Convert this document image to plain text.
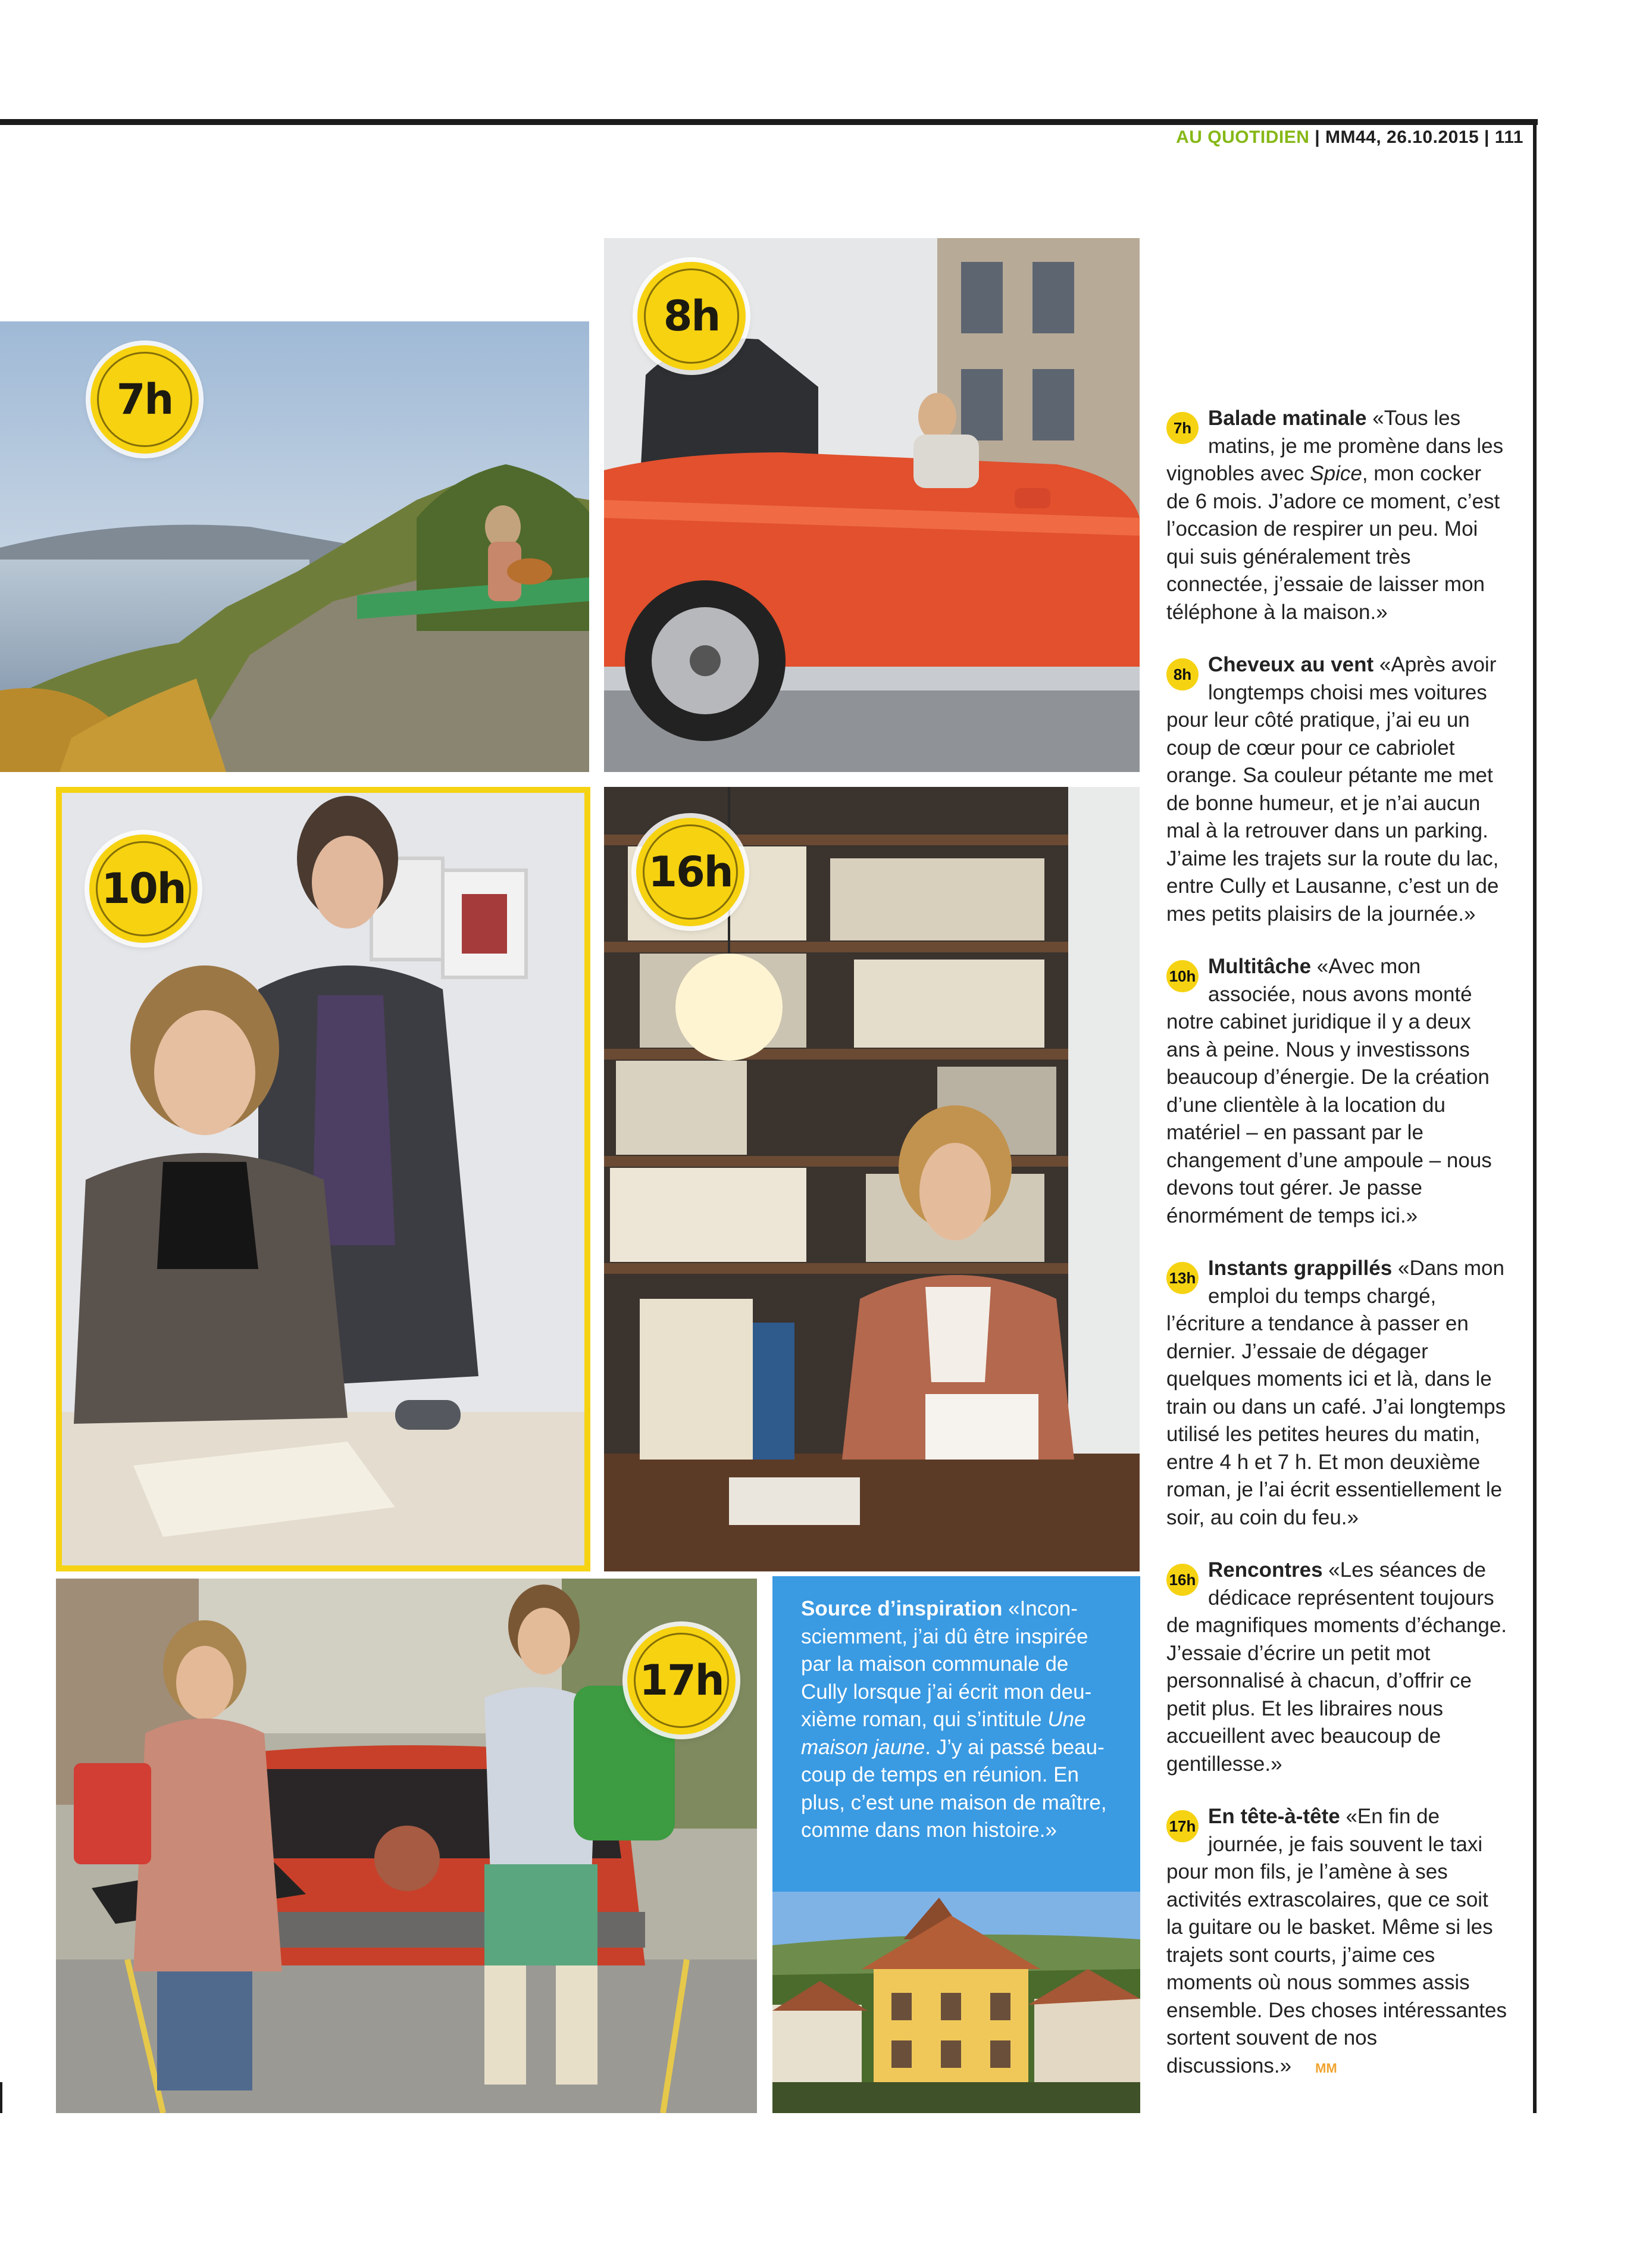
AU QUOTIDIEN | MM44, 26.10.2015 | 111
7h
8h
10h	16h
17h
Source d’inspiration «Inconsciemment, j’ai dû être inspirée par la maison communale de Cully lorsque j’ai écrit mon deuxième roman, qui s’intitule Une maison jaune. J’y ai passé beaucoup de temps en réunion. En plus, c’est une maison de maître, comme dans mon histoire.»

7h Balade matinale «Tous les matins, je me promène dans les vignobles avec Spice, mon cocker de 6 mois. J’adore ce moment, c’est l’occasion de respirer un peu. Moi qui suis généralement très connectée, j’essaie de laisser mon téléphone à la maison.»

8h Cheveux au vent «Après avoir longtemps choisi mes voitures pour leur côté pratique, j’ai eu un coup de cœur pour ce cabriolet orange. Sa couleur pétante me met de bonne humeur, et je n’ai aucun mal à la retrouver dans un parking. J’aime les trajets sur la route du lac, entre Cully et Lausanne, c’est un de mes petits plaisirs de la journée.»

10h Multitâche «Avec mon associée, nous avons monté notre cabinet juridique il y a deux ans à peine. Nous y investissons beaucoup d’énergie. De la création d’une clientèle à la location du matériel – en passant par le changement d’une ampoule – nous devons tout gérer. Je passe énormément de temps ici.»

13h Instants grappillés «Dans mon emploi du temps chargé, l’écriture a tendance à passer en dernier. J’essaie de dégager quelques moments ici et là, dans le train ou dans un café. J’ai longtemps utilisé les petites heures du matin, entre 4 h et 7 h. Et mon deuxième roman, je l’ai écrit essentiellement le soir, au coin du feu.»

16h Rencontres «Les séances de dédicace représentent toujours de magnifiques moments d’échange. J’essaie d’écrire un petit mot personnalisé à chacun, d’offrir ce petit plus. Et les libraires nous accueillent avec beaucoup de gentillesse.»

17h En tête-à-tête «En fin de journée, je fais souvent le taxi pour mon fils, je l’amène à ses activités extrascolaires, que ce soit la guitare ou le basket. Même si les trajets sont courts, j’aime ces moments où nous sommes assis ensemble. Des choses intéressantes sortent souvent de nos discussions.» MM
